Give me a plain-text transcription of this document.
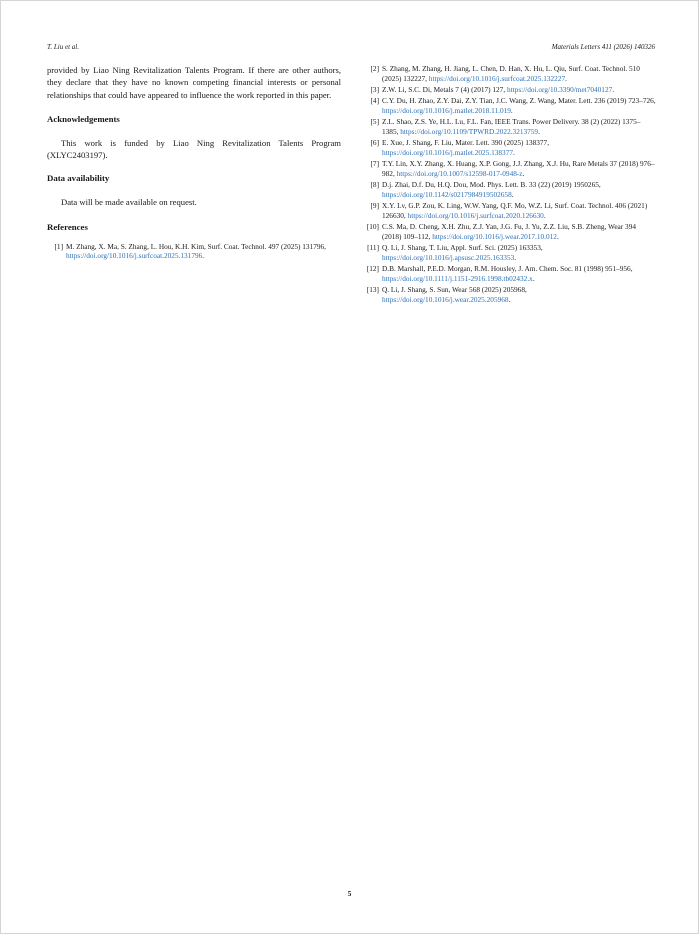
T. Liu et al.	Materials Letters 411 (2026) 140326

provided by Liao Ning Revitalization Talents Program. If there are other authors, they declare that they have no known competing financial interests or personal relationships that could have appeared to influence the work reported in this paper.

Acknowledgements

This work is funded by Liao Ning Revitalization Talents Program (XLYC2403197).

Data availability

Data will be made available on request.

References

[1] M. Zhang, X. Ma, S. Zhang, L. Hou, K.H. Kim, Surf. Coat. Technol. 497 (2025) 131796, https://doi.org/10.1016/j.surfcoat.2025.131796.
[2] S. Zhang, M. Zhang, H. Jiang, L. Chen, D. Han, X. Hu, L. Qiu, Surf. Coat. Technol. 510 (2025) 132227, https://doi.org/10.1016/j.surfcoat.2025.132227.
[3] Z.W. Li, S.C. Di, Metals 7 (4) (2017) 127, https://doi.org/10.3390/met7040127.
[4] C.Y. Du, H. Zhao, Z.Y. Dai, Z.Y. Tian, J.C. Wang, Z. Wang, Mater. Lett. 236 (2019) 723–726, https://doi.org/10.1016/j.matlet.2018.11.019.
[5] Z.L. Shao, Z.S. Ye, H.L. Lu, F.L. Fan, IEEE Trans. Power Delivery. 38 (2) (2022) 1375–1385, https://doi.org/10.1109/TPWRD.2022.3213759.
[6] E. Xue, J. Shang, F. Liu, Mater. Lett. 390 (2025) 138377, https://doi.org/10.1016/j.matlet.2025.138377.
[7] T.Y. Lin, X.Y. Zhang, X. Huang, X.P. Gong, J.J. Zhang, X.J. Hu, Rare Metals 37 (2018) 976–982, https://doi.org/10.1007/s12598-017-0948-z.
[8] D.j. Zhai, D.f. Du, H.Q. Dou, Mod. Phys. Lett. B. 33 (22) (2019) 1950265, https://doi.org/10.1142/s0217984919502658.
[9] X.Y. Lv, G.P. Zou, K. Ling, W.W. Yang, Q.F. Mo, W.Z. Li, Surf. Coat. Technol. 406 (2021) 126630, https://doi.org/10.1016/j.surfcoat.2020.126630.
[10] C.S. Ma, D. Cheng, X.H. Zhu, Z.J. Yan, J.G. Fu, J. Yu, Z.Z. Liu, S.B. Zheng, Wear 394 (2018) 109–112, https://doi.org/10.1016/j.wear.2017.10.012.
[11] Q. Li, J. Shang, T. Liu, Appl. Surf. Sci. (2025) 163353, https://doi.org/10.1016/j.apsusc.2025.163353.
[12] D.B. Marshall, P.E.D. Morgan, R.M. Housley, J. Am. Chem. Soc. 81 (1998) 951–956, https://doi.org/10.1111/j.1151-2916.1998.tb02432.x.
[13] Q. Li, J. Shang, S. Sun, Wear 568 (2025) 205968, https://doi.org/10.1016/j.wear.2025.205968.
5
